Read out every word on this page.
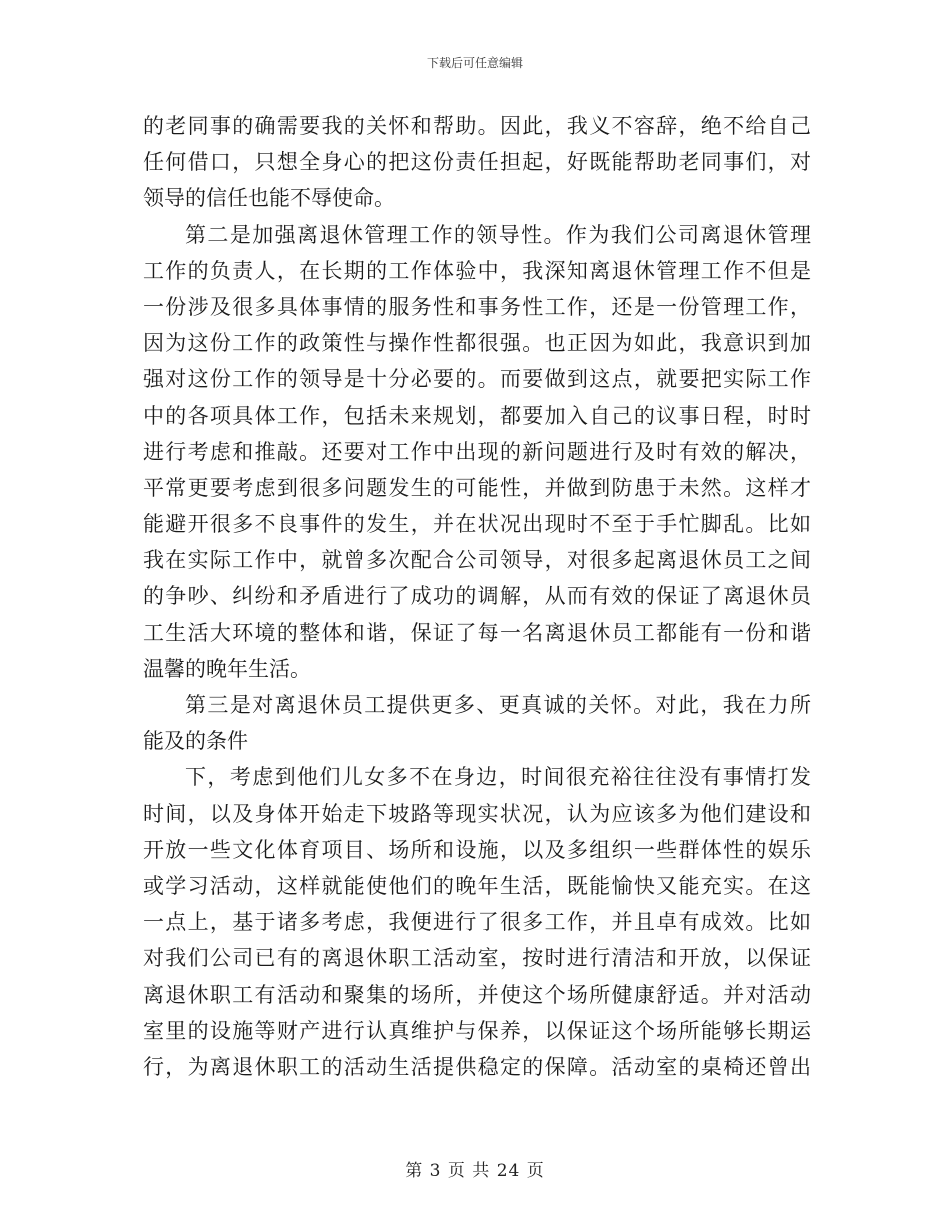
下载后可任意编辑
的老同事的确需要我的关怀和帮助。因此，我义不容辞，绝不给自己
任何借口，只想全身心的把这份责任担起，好既能帮助老同事们，对
领导的信任也能不辱使命。
第二是加强离退休管理工作的领导性。作为我们公司离退休管理
工作的负责人，在长期的工作体验中，我深知离退休管理工作不但是
一份涉及很多具体事情的服务性和事务性工作，还是一份管理工作，
因为这份工作的政策性与操作性都很强。也正因为如此，我意识到加
强对这份工作的领导是十分必要的。而要做到这点，就要把实际工作
中的各项具体工作，包括未来规划，都要加入自己的议事日程，时时
进行考虑和推敲。还要对工作中出现的新问题进行及时有效的解决，
平常更要考虑到很多问题发生的可能性，并做到防患于未然。这样才
能避开很多不良事件的发生，并在状况出现时不至于手忙脚乱。比如
我在实际工作中，就曾多次配合公司领导，对很多起离退休员工之间
的争吵、纠纷和矛盾进行了成功的调解，从而有效的保证了离退休员
工生活大环境的整体和谐，保证了每一名离退休员工都能有一份和谐
温馨的晚年生活。
第三是对离退休员工提供更多、更真诚的关怀。对此，我在力所
能及的条件
下，考虑到他们儿女多不在身边，时间很充裕往往没有事情打发
时间，以及身体开始走下坡路等现实状况，认为应该多为他们建设和
开放一些文化体育项目、场所和设施，以及多组织一些群体性的娱乐
或学习活动，这样就能使他们的晚年生活，既能愉快又能充实。在这
一点上，基于诸多考虑，我便进行了很多工作，并且卓有成效。比如
对我们公司已有的离退休职工活动室，按时进行清洁和开放，以保证
离退休职工有活动和聚集的场所，并使这个场所健康舒适。并对活动
室里的设施等财产进行认真维护与保养，以保证这个场所能够长期运
行，为离退休职工的活动生活提供稳定的保障。活动室的桌椅还曾出
第 3 页 共 24 页
